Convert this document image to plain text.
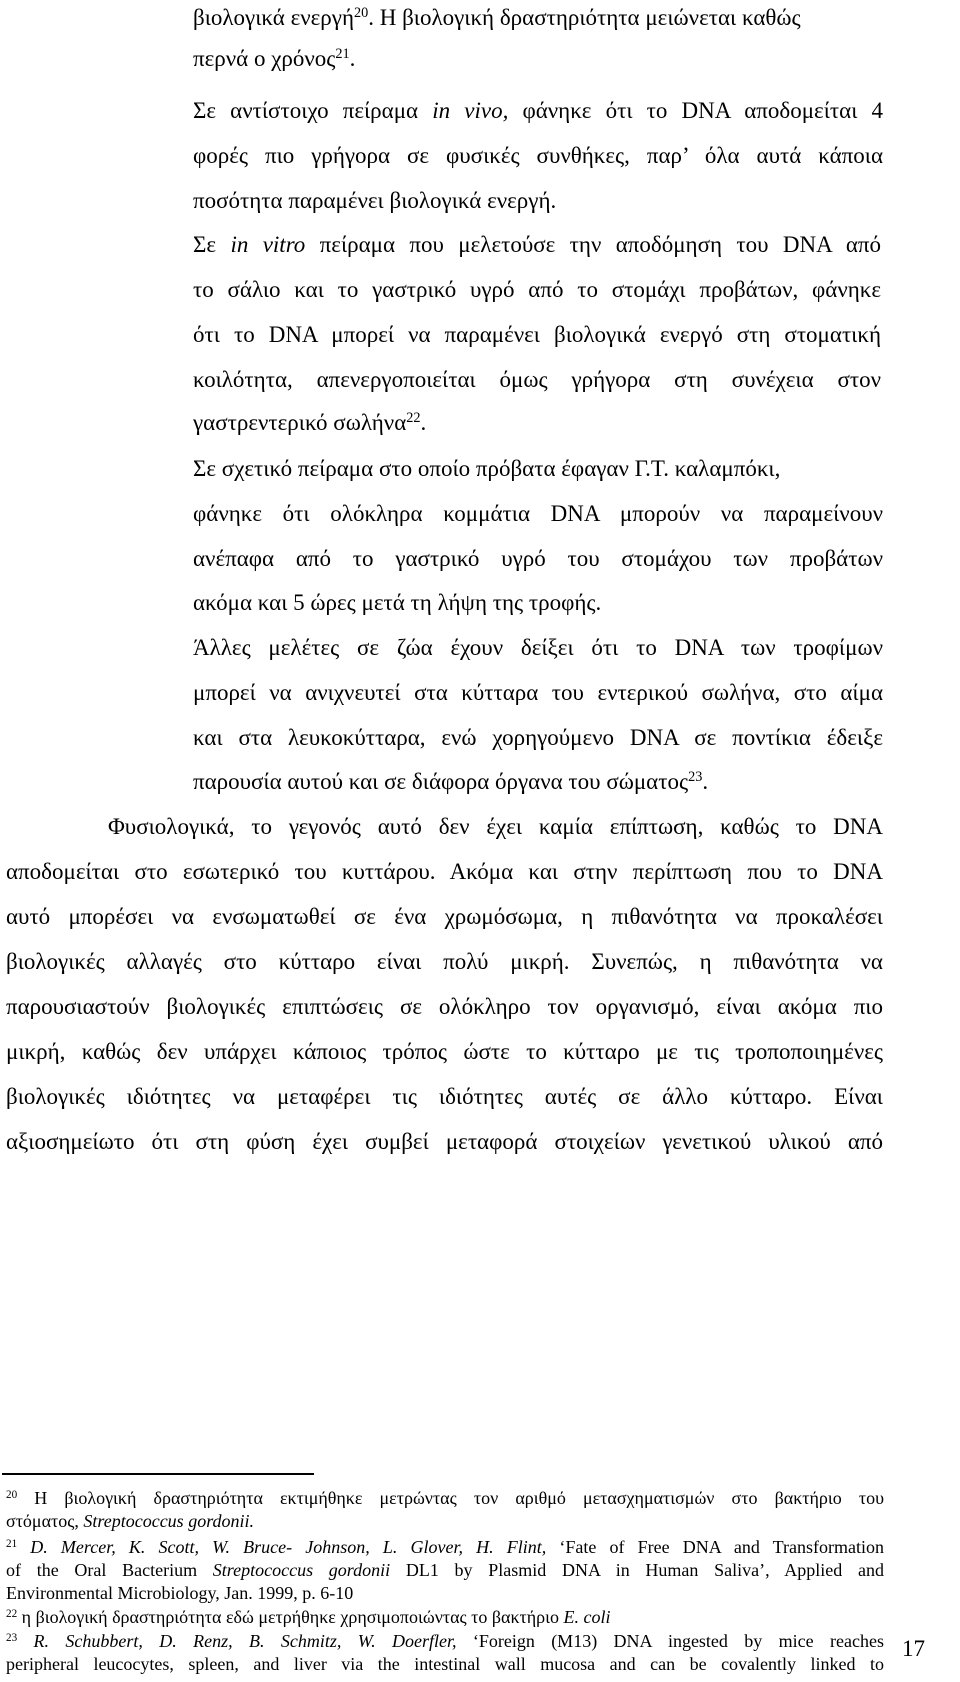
βιολογικά ενεργή$^{20}$. Η βιολογική δραστηριότητα μειώνεται καθώς
περνά ο χρόνος$^{21}$.
Σε αντίστοιχο πείραμα in vivo, φάνηκε ότι το DNA αποδομείται 4
φορές πιο γρήγορα σε φυσικές συνθήκες, παρ’ όλα αυτά κάποια
ποσότητα παραμένει βιολογικά ενεργή.
Σε in vitro πείραμα που μελετούσε την αποδόμηση του DNA από
το σάλιο και το γαστρικό υγρό από το στομάχι προβάτων, φάνηκε
ότι το DNA μπορεί να παραμένει βιολογικά ενεργό στη στοματική
κοιλότητα, απενεργοποιείται όμως γρήγορα στη συνέχεια στον
γαστρεντερικό σωλήνα$^{22}$.
Σε σχετικό πείραμα στο οποίο πρόβατα έφαγαν Γ.Τ. καλαμπόκι,
φάνηκε ότι ολόκληρα κομμάτια DNA μπορούν να παραμείνουν
ανέπαφα από το γαστρικό υγρό του στομάχου των προβάτων
ακόμα και 5 ώρες μετά τη λήψη της τροφής.
Άλλες μελέτες σε ζώα έχουν δείξει ότι το DNA των τροφίμων
μπορεί να ανιχνευτεί στα κύτταρα του εντερικού σωλήνα, στο αίμα
και στα λευκοκύτταρα, ενώ χορηγούμενο DNA σε ποντίκια έδειξε
παρουσία αυτού και σε διάφορα όργανα του σώματος$^{23}$.
Φυσιολογικά, το γεγονός αυτό δεν έχει καμία επίπτωση, καθώς το DNA
αποδομείται στο εσωτερικό του κυττάρου. Ακόμα και στην περίπτωση που το DNA
αυτό μπορέσει να ενσωματωθεί σε ένα χρωμόσωμα, η πιθανότητα να προκαλέσει
βιολογικές αλλαγές στο κύτταρο είναι πολύ μικρή. Συνεπώς, η πιθανότητα να
παρουσιαστούν βιολογικές επιπτώσεις σε ολόκληρο τον οργανισμό, είναι ακόμα πιο
μικρή, καθώς δεν υπάρχει κάποιος τρόπος ώστε το κύτταρο με τις τροποποιημένες
βιολογικές ιδιότητες να μεταφέρει τις ιδιότητες αυτές σε άλλο κύτταρο. Είναι
αξιοσημείωτο ότι στη φύση έχει συμβεί μεταφορά στοιχείων γενετικού υλικού από
$^{20}$ Η βιολογική δραστηριότητα εκτιμήθηκε μετρώντας τον αριθμό μετασχηματισμών στο βακτήριο του
στόματος, Streptococcus gordonii.
$^{21}$ D. Mercer, K. Scott, W. Bruce- Johnson, L. Glover, H. Flint, ‘Fate of Free DNA and Transformation
of the Oral Bacterium Streptococcus gordonii DL1 by Plasmid DNA in Human Saliva’, Applied and
Environmental Microbiology, Jan. 1999, p. 6-10
$^{22}$ η βιολογική δραστηριότητα εδώ μετρήθηκε χρησιμοποιώντας το βακτήριο E. coli
$^{23}$ R. Schubbert, D. Renz, B. Schmitz, W. Doerfler, ‘Foreign (M13) DNA ingested by mice reaches
peripheral leucocytes, spleen, and liver via the intestinal wall mucosa and can be covalently linked to
17
